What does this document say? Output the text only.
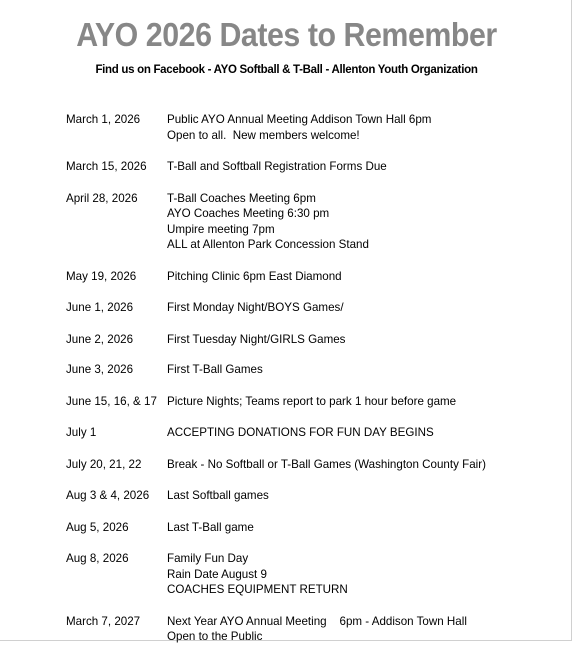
AYO 2026 Dates to Remember
Find us on Facebook - AYO Softball & T-Ball - Allenton Youth Organization
March 1, 2026	Public AYO Annual Meeting Addison Town Hall 6pm
Open to all.  New members welcome!
March 15, 2026	T-Ball and Softball Registration Forms Due
April 28, 2026	T-Ball Coaches Meeting 6pm
AYO Coaches Meeting 6:30 pm
Umpire meeting 7pm
ALL at Allenton Park Concession Stand
May 19, 2026	Pitching Clinic 6pm East Diamond
June 1, 2026	First Monday Night/BOYS Games/
June 2, 2026	First Tuesday Night/GIRLS Games
June 3, 2026	First T-Ball Games
June 15, 16, & 17 Picture Nights; Teams report to park 1 hour before game
July 1	ACCEPTING DONATIONS FOR FUN DAY BEGINS
July 20, 21, 22	Break - No Softball or T-Ball Games (Washington County Fair)
Aug 3 & 4, 2026	Last Softball games
Aug 5, 2026	Last T-Ball game
Aug 8, 2026	Family Fun Day
Rain Date August 9
COACHES EQUIPMENT RETURN
March 7, 2027	Next Year AYO Annual Meeting    6pm - Addison Town Hall
Open to the Public
